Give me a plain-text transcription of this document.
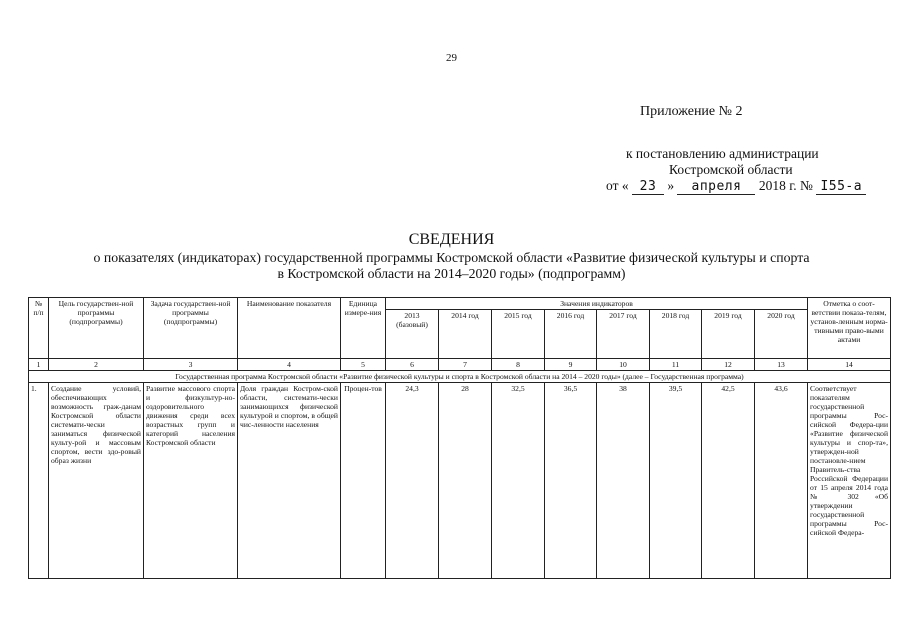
29
Приложение № 2
к постановлению администрации
Костромской области
от « 23 » апреля 2018 г. № I55-а
СВЕДЕНИЯ
о показателях (индикаторах) государственной программы Костромской области «Развитие физической культуры и спорта
в Костромской области на 2014–2020 годы» (подпрограмм)
№ п/п	Цель государствен-ной программы (подпрограммы)	Задача государствен-ной программы (подпрограммы)	Наименование показателя	Единица измере-ния	Значения индикаторов								Отметка о соот-ветствии показа-телям, установ-ленным норма-тивными право-выми актами
					2013 (базовый)	2014 год	2015 год	2016 год	2017 год	2018 год	2019 год	2020 год	
1	2	3	4	5	6	7	8	9	10	11	12	13	14
Государственная программа Костромской области «Развитие физической культуры и спорта в Костромской области на 2014 – 2020 годы» (далее – Государственная программа)													
1.	Создание условий, обеспечивающих возможность граж-данам Костромской области системати-чески заниматься физической культу-рой и массовым спортом, вести здо-ровый образ жизни	Развитие массового спорта и физкультур-но-оздоровительного движения среди всех возрастных групп и категорий населения Костромской области	Доля граждан Костром-ской области, системати-чески занимающихся физической культурой и спортом, в общей чис-ленности населения	Процен-тов	24,3	28	32,5	36,5	38	39,5	42,5	43,6	Соответствует показателям государственной программы Рос-сийской Федера-ции «Развитие физической культуры и спор-та», утвержден-ной постановле-нием Правитель-ства Российской Федерации от 15 апреля 2014 года № 302 «Об утверждении государственной программы Рос-сийской Федера-
